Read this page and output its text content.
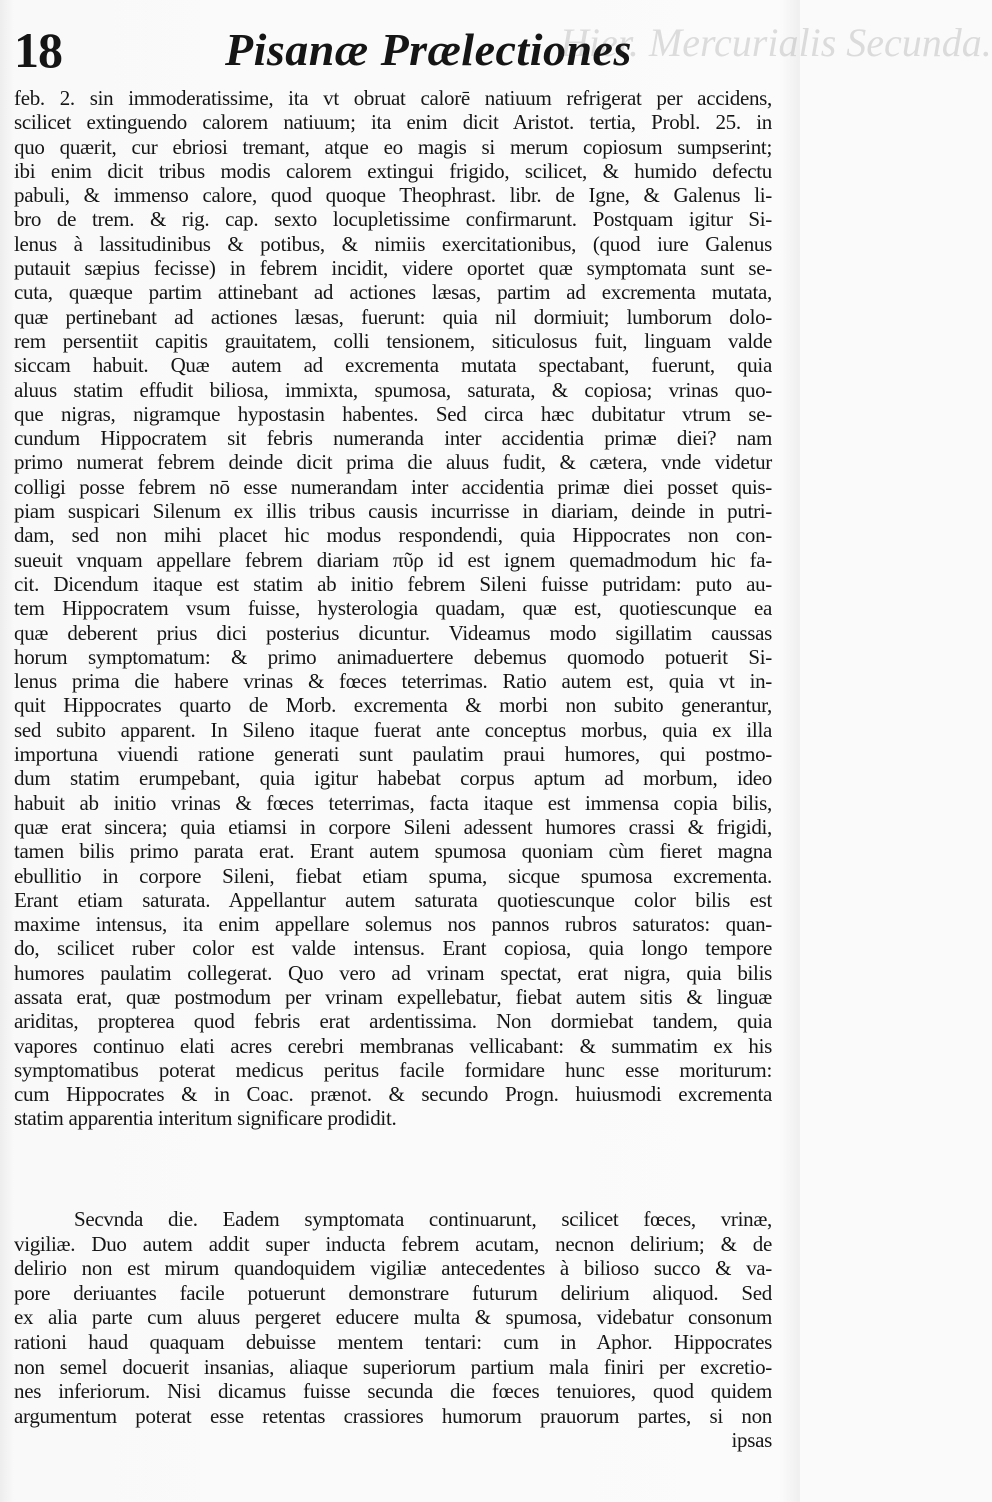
18	Pisanæ Prælectiones
Hier. Mercurialis Secunda.
feb. 2. sin immoderatissime, ita vt obruat calorē natiuum refrigerat per accidens,
scilicet extinguendo calorem natiuum; ita enim dicit Aristot. tertia, Probl. 25. in
quo quærit, cur ebriosi tremant, atque eo magis si merum copiosum sumpserint;
ibi enim dicit tribus modis calorem extingui frigido, scilicet, & humido defectu
pabuli, & immenso calore, quod quoque Theophrast. libr. de Igne, & Galenus li-
bro de trem. & rig. cap. sexto locupletissime confirmarunt. Postquam igitur Si-
lenus à lassitudinibus & potibus, & nimiis exercitationibus, (quod iure Galenus
putauit sæpius fecisse) in febrem incidit, videre oportet quæ symptomata sunt se-
cuta, quæque partim attinebant ad actiones læsas, partim ad excrementa mutata,
quæ pertinebant ad actiones læsas, fuerunt: quia nil dormiuit; lumborum dolo-
rem persentiit capitis grauitatem, colli tensionem, siticulosus fuit, linguam valde
siccam habuit. Quæ autem ad excrementa mutata spectabant, fuerunt, quia
aluus statim effudit biliosa, immixta, spumosa, saturata, & copiosa; vrinas quo-
que nigras, nigramque hypostasin habentes. Sed circa hæc dubitatur vtrum se-
cundum Hippocratem sit febris numeranda inter accidentia primæ diei? nam
primo numerat febrem deinde dicit prima die aluus fudit, & cætera, vnde videtur
colligi posse febrem nō esse numerandam inter accidentia primæ diei posset quis-
piam suspicari Silenum ex illis tribus causis incurrisse in diariam, deinde in putri-
dam, sed non mihi placet hic modus respondendi, quia Hippocrates non con-
sueuit vnquam appellare febrem diariam πῦρ id est ignem quemadmodum hic fa-
cit. Dicendum itaque est statim ab initio febrem Sileni fuisse putridam: puto au-
tem Hippocratem vsum fuisse, hysterologia quadam, quæ est, quotiescunque ea
quæ deberent prius dici posterius dicuntur. Videamus modo sigillatim caussas
horum symptomatum: & primo animaduertere debemus quomodo potuerit Si-
lenus prima die habere vrinas & fœces teterrimas. Ratio autem est, quia vt in-
quit Hippocrates quarto de Morb. excrementa & morbi non subito generantur,
sed subito apparent. In Sileno itaque fuerat ante conceptus morbus, quia ex illa
importuna viuendi ratione generati sunt paulatim praui humores, qui postmo-
dum statim erumpebant, quia igitur habebat corpus aptum ad morbum, ideo
habuit ab initio vrinas & fœces teterrimas, facta itaque est immensa copia bilis,
quæ erat sincera; quia etiamsi in corpore Sileni adessent humores crassi & frigidi,
tamen bilis primo parata erat. Erant autem spumosa quoniam cùm fieret magna
ebullitio in corpore Sileni, fiebat etiam spuma, sicque spumosa excrementa.
Erant etiam saturata. Appellantur autem saturata quotiescunque color bilis est
maxime intensus, ita enim appellare solemus nos pannos rubros saturatos: quan-
do, scilicet ruber color est valde intensus. Erant copiosa, quia longo tempore
humores paulatim collegerat. Quo vero ad vrinam spectat, erat nigra, quia bilis
assata erat, quæ postmodum per vrinam expellebatur, fiebat autem sitis & linguæ
ariditas, propterea quod febris erat ardentissima. Non dormiebat tandem, quia
vapores continuo elati acres cerebri membranas vellicabant: & summatim ex his
symptomatibus poterat medicus peritus facile formidare hunc esse moriturum:
cum Hippocrates & in Coac. prænot. & secundo Progn. huiusmodi excrementa
statim apparentia interitum significare prodidit.
Secvnda die. Eadem symptomata continuarunt, scilicet fœces, vrinæ,
vigiliæ. Duo autem addit super inducta febrem acutam, necnon delirium; & de
delirio non est mirum quandoquidem vigiliæ antecedentes à bilioso succo & va-
pore deriuantes facile potuerunt demonstrare futurum delirium aliquod. Sed
ex alia parte cum aluus pergeret educere multa & spumosa, videbatur consonum
rationi haud quaquam debuisse mentem tentari: cum in Aphor. Hippocrates
non semel docuerit insanias, aliaque superiorum partium mala finiri per excretio-
nes inferiorum. Nisi dicamus fuisse secunda die fœces tenuiores, quod quidem
argumentum poterat esse retentas crassiores humorum prauorum partes, si non
ipsas
